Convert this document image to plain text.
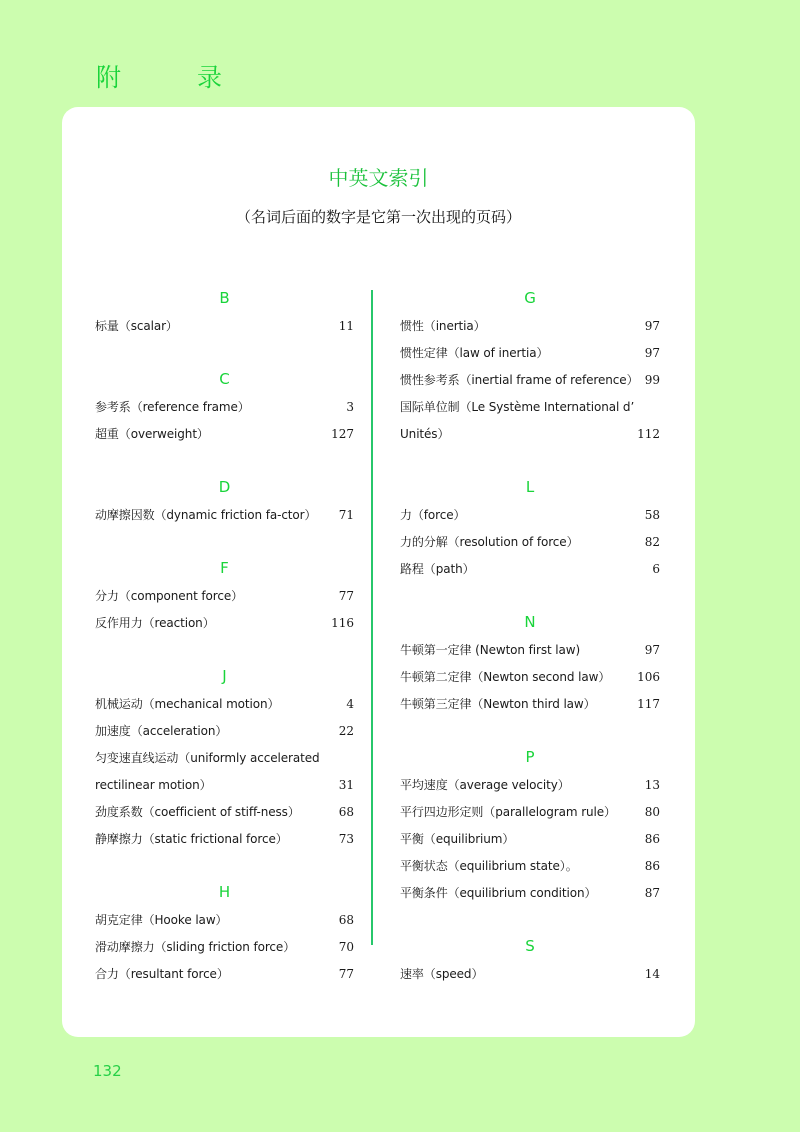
附 录
中英文索引
（名词后面的数字是它第一次出现的页码）
B
标量（scalar）	11
C
参考系（reference frame）	3
超重（overweight）	127
D
动摩擦因数（dynamic friction fa-ctor） 71
F
分力（component force）	77
反作用力（reaction）	116
J
机械运动（mechanical motion）	4
加速度（acceleration）	22
匀变速直线运动（uniformly accelerated
rectilinear motion）	31
劲度系数（coefficient of stiff-ness）	68
静摩擦力（static frictional force）	73
H
胡克定律（Hooke law）	68
滑动摩擦力（sliding friction force）	70
合力（resultant force）	77
G
惯性（inertia）	97
惯性定律（law of inertia）	97
惯性参考系（inertial frame of reference） 99
国际单位制（Le Système International d’
Unités）	112
L
力（force）	58
力的分解（resolution of force）	82
路程（path）	6
N
牛顿第一定律 (Newton first law)	97
牛顿第二定律（Newton second law） 106
牛顿第三定律（Newton third law）	117
P
平均速度（average velocity）	13
平行四边形定则（parallelogram rule） 80
平衡（equilibrium）	86
平衡状态（equilibrium state）。	86
平衡条件（equilibrium condition）	87
S
速率（speed）	14
132
